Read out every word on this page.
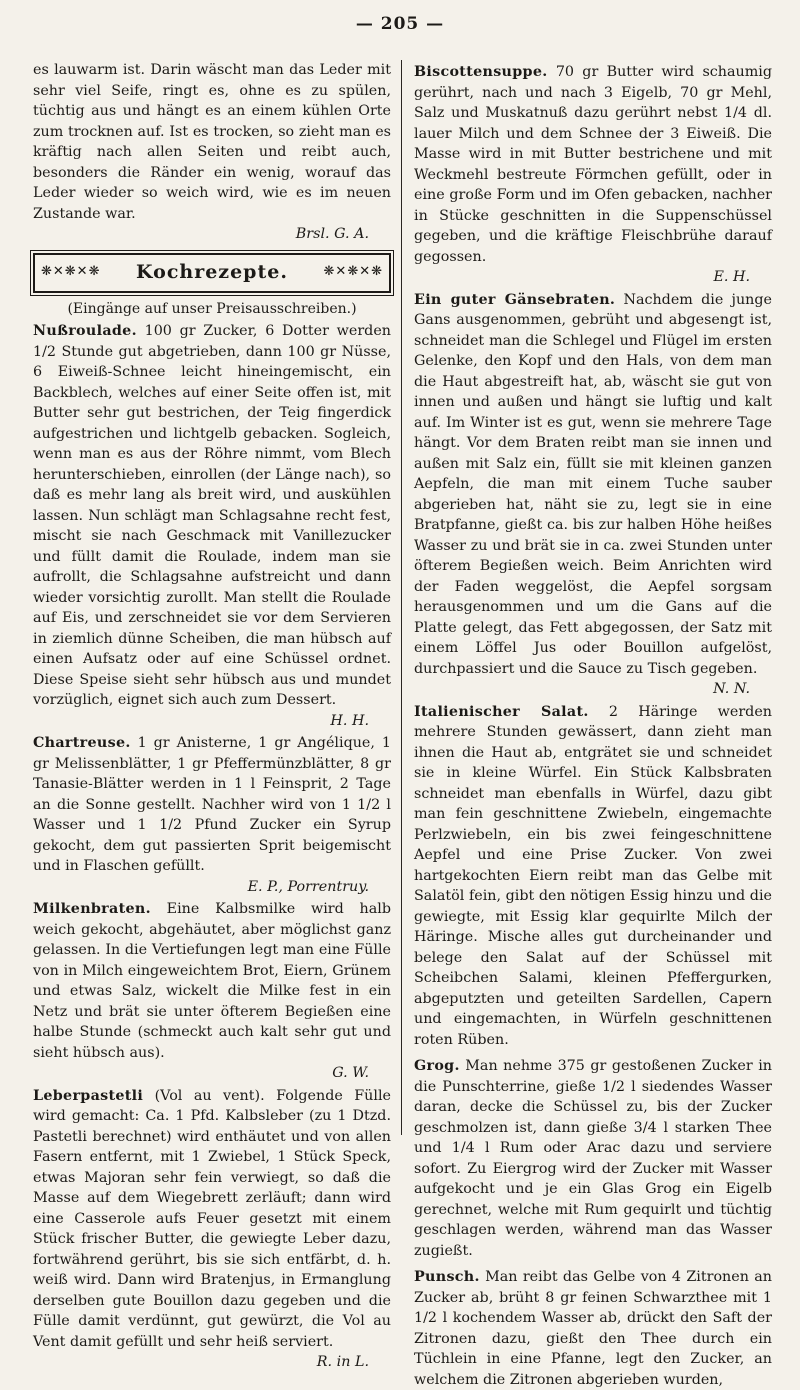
— 205 —

es lauwarm ist. Darin wäscht man das Leder mit sehr viel Seife, ringt es, ohne es zu spülen, tüchtig aus und hängt es an einem kühlen Orte zum trocknen auf. Ist es trocken, so zieht man es kräftig nach allen Seiten und reibt auch, besonders die Ränder ein wenig, worauf das Leder wieder so weich wird, wie es im neuen Zustande war.

Brsl. G. A.

❋✕❋✕❋ Kochrezepte.	❋✕❋✕❋
(Eingänge auf unser Preisausschreiben.)

Nußroulade. 100 gr Zucker, 6 Dotter werden 1/2 Stunde gut abgetrieben, dann 100 gr Nüsse, 6 Eiweiß-Schnee leicht hineingemischt, ein Backblech, welches auf einer Seite offen ist, mit Butter sehr gut bestrichen, der Teig fingerdick aufgestrichen und lichtgelb gebacken. Sogleich, wenn man es aus der Röhre nimmt, vom Blech herunterschieben, einrollen (der Länge nach), so daß es mehr lang als breit wird, und auskühlen lassen. Nun schlägt man Schlagsahne recht fest, mischt sie nach Geschmack mit Vanillezucker und füllt damit die Roulade, indem man sie aufrollt, die Schlagsahne aufstreicht und dann wieder vorsichtig zurollt. Man stellt die Roulade auf Eis, und zerschneidet sie vor dem Servieren in ziemlich dünne Scheiben, die man hübsch auf einen Aufsatz oder auf eine Schüssel ordnet. Diese Speise sieht sehr hübsch aus und mundet vorzüglich, eignet sich auch zum Dessert.

H. H.

Chartreuse. 1 gr Anisterne, 1 gr Angélique, 1 gr Melissenblätter, 1 gr Pfeffermünzblätter, 8 gr Tanasie-Blätter werden in 1 l Feinsprit, 2 Tage an die Sonne gestellt. Nachher wird von 1 1/2 l Wasser und 1 1/2 Pfund Zucker ein Syrup gekocht, dem gut passierten Sprit beigemischt und in Flaschen gefüllt.

E. P., Porrentruy.

Milkenbraten. Eine Kalbsmilke wird halb weich gekocht, abgehäutet, aber möglichst ganz gelassen. In die Vertiefungen legt man eine Fülle von in Milch eingeweichtem Brot, Eiern, Grünem und etwas Salz, wickelt die Milke fest in ein Netz und brät sie unter öfterem Begießen eine halbe Stunde (schmeckt auch kalt sehr gut und sieht hübsch aus).

G. W.

Leberpastetli (Vol au vent). Folgende Fülle wird gemacht: Ca. 1 Pfd. Kalbsleber (zu 1 Dtzd. Pastetli berechnet) wird enthäutet und von allen Fasern entfernt, mit 1 Zwiebel, 1 Stück Speck, etwas Majoran sehr fein verwiegt, so daß die Masse auf dem Wiegebrett zerläuft; dann wird eine Casserole aufs Feuer gesetzt mit einem Stück frischer Butter, die gewiegte Leber dazu, fortwährend gerührt, bis sie sich entfärbt, d. h. weiß wird. Dann wird Bratenjus, in Ermanglung derselben gute Bouillon dazu gegeben und die Fülle damit verdünnt, gut gewürzt, die Vol au Vent damit gefüllt und sehr heiß serviert.

R. in L.

Biscottensuppe. 70 gr Butter wird schaumig gerührt, nach und nach 3 Eigelb, 70 gr Mehl, Salz und Muskatnuß dazu gerührt nebst 1/4 dl. lauer Milch und dem Schnee der 3 Eiweiß. Die Masse wird in mit Butter bestrichene und mit Weckmehl bestreute Förmchen gefüllt, oder in eine große Form und im Ofen gebacken, nachher in Stücke geschnitten in die Suppenschüssel gegeben, und die kräftige Fleischbrühe darauf gegossen.

E. H.

Ein guter Gänsebraten. Nachdem die junge Gans ausgenommen, gebrüht und abgesengt ist, schneidet man die Schlegel und Flügel im ersten Gelenke, den Kopf und den Hals, von dem man die Haut abgestreift hat, ab, wäscht sie gut von innen und außen und hängt sie luftig und kalt auf. Im Winter ist es gut, wenn sie mehrere Tage hängt. Vor dem Braten reibt man sie innen und außen mit Salz ein, füllt sie mit kleinen ganzen Aepfeln, die man mit einem Tuche sauber abgerieben hat, näht sie zu, legt sie in eine Bratpfanne, gießt ca. bis zur halben Höhe heißes Wasser zu und brät sie in ca. zwei Stunden unter öfterem Begießen weich. Beim Anrichten wird der Faden weggelöst, die Aepfel sorgsam herausgenommen und um die Gans auf die Platte gelegt, das Fett abgegossen, der Satz mit einem Löffel Jus oder Bouillon aufgelöst, durchpassiert und die Sauce zu Tisch gegeben.

N. N.

Italienischer Salat. 2 Häringe werden mehrere Stunden gewässert, dann zieht man ihnen die Haut ab, entgrätet sie und schneidet sie in kleine Würfel. Ein Stück Kalbsbraten schneidet man ebenfalls in Würfel, dazu gibt man fein geschnittene Zwiebeln, eingemachte Perlzwiebeln, ein bis zwei feingeschnittene Aepfel und eine Prise Zucker. Von zwei hartgekochten Eiern reibt man das Gelbe mit Salatöl fein, gibt den nötigen Essig hinzu und die gewiegte, mit Essig klar gequirlte Milch der Häringe. Mische alles gut durcheinander und belege den Salat auf der Schüssel mit Scheibchen Salami, kleinen Pfeffergurken, abgeputzten und geteilten Sardellen, Capern und eingemachten, in Würfeln geschnittenen roten Rüben.

Grog. Man nehme 375 gr gestoßenen Zucker in die Punschterrine, gieße 1/2 l siedendes Wasser daran, decke die Schüssel zu, bis der Zucker geschmolzen ist, dann gieße 3/4 l starken Thee und 1/4 l Rum oder Arac dazu und serviere sofort. Zu Eiergrog wird der Zucker mit Wasser aufgekocht und je ein Glas Grog ein Eigelb gerechnet, welche mit Rum gequirlt und tüchtig geschlagen werden, während man das Wasser zugießt.

Punsch. Man reibt das Gelbe von 4 Zitronen an Zucker ab, brüht 8 gr feinen Schwarzthee mit 1 1/2 l kochendem Wasser ab, drückt den Saft der Zitronen dazu, gießt den Thee durch ein Tüchlein in eine Pfanne, legt den Zucker, an welchem die Zitronen abgerieben wurden,
